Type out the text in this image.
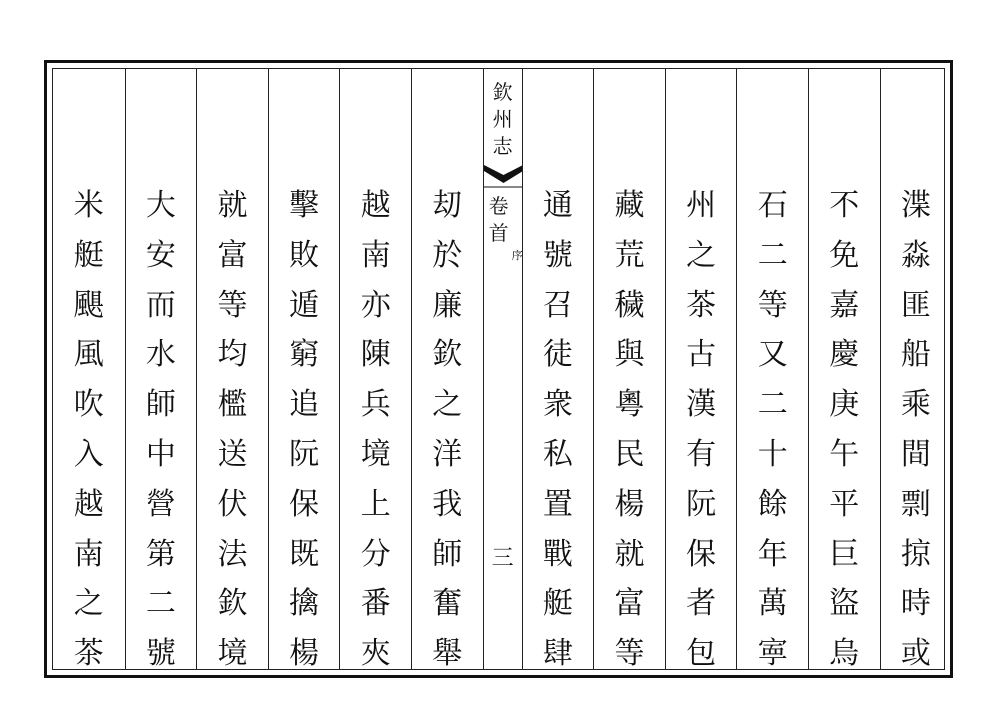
米
艇
颶
風
吹
入
越
南
之
茶
大
安
而
水
師
中
營
第
二
號
就
富
等
均
檻
送
伏
法
欽
境
擊
敗
遁
窮
追
阮
保
既
擒
楊
越
南
亦
陳
兵
境
上
分
番
夾
刧
於
廉
欽
之
洋
我
師
奮
舉
欽
州
志
卷
首
序
三
通
號
召
徒
衆
私
置
戰
艇
肆
藏
荒
穢
與
粵
民
楊
就
富
等
州
之
茶
古
漢
有
阮
保
者
包
石
二
等
又
二
十
餘
年
萬
寕
不
免
嘉
慶
庚
午
平
巨
盜
烏
渫
淼
匪
船
乘
間
剽
掠
時
或
